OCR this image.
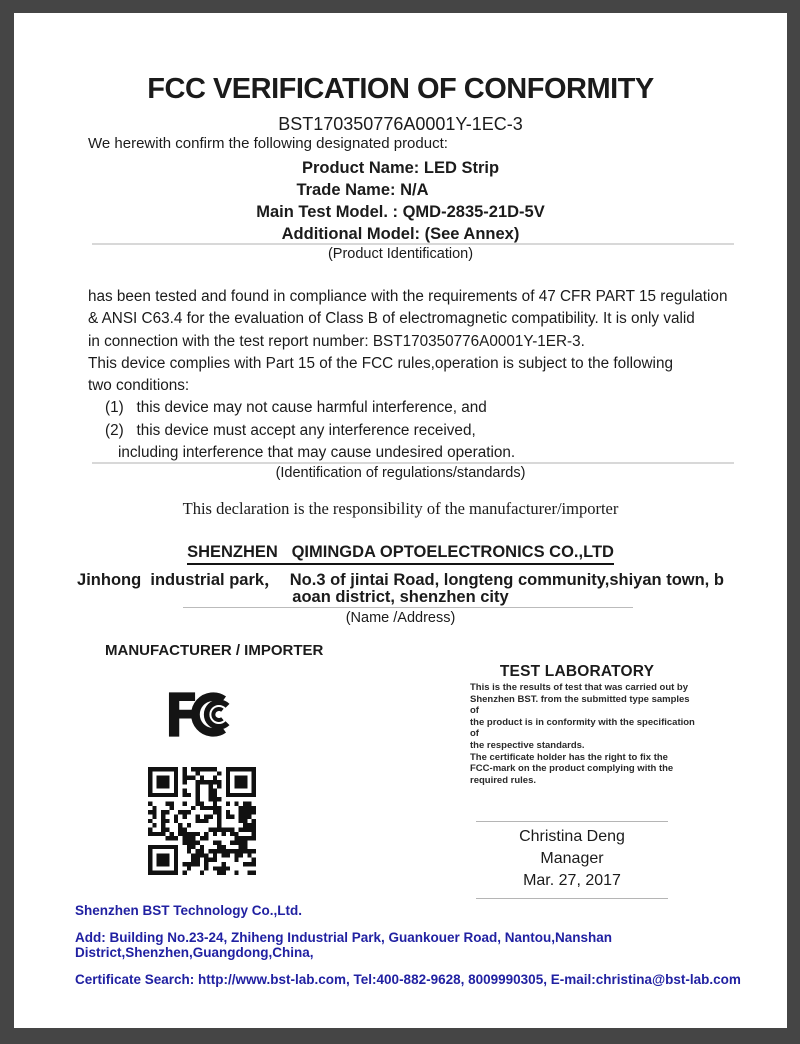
FCC VERIFICATION OF CONFORMITY
BST170350776A0001Y-1EC-3
We herewith confirm the following designated product:
Product Name: LED Strip
Trade Name: N/A
Main Test Model. : QMD-2835-21D-5V
Additional Model: (See Annex)
(Product Identification)
has been tested and found in compliance with the requirements of 47 CFR PART 15 regulation
& ANSI C63.4 for the evaluation of Class B of electromagnetic compatibility. It is only valid
in connection with the test report number: BST170350776A0001Y-1ER-3.
This device complies with Part 15 of the FCC rules,operation is subject to the following
two conditions:
(1)   this device may not cause harmful interference, and
(2)   this device must accept any interference received,
including interference that may cause undesired operation.
(Identification of regulations/standards)
This declaration is the responsibility of the manufacturer/importer
SHENZHEN   QIMINGDA OPTOELECTRONICS CO.,LTD
Jinhong  industrial park，  No.3 of jintai Road, longteng community,shiyan town, b
aoan district, shenzhen city
(Name /Address)
MANUFACTURER / IMPORTER
TEST LABORATORY
This is the results of test that was carried out by
Shenzhen BST. from the submitted type samples of
the product is in conformity with the specification of
the respective standards.
The certificate holder has the right to fix the
FCC-mark on the product complying with the
required rules.
Christina Deng
Manager
Mar. 27, 2017
Shenzhen BST Technology Co.,Ltd.
Add: Building No.23-24, Zhiheng Industrial Park, Guankouer Road, Nantou,Nanshan District,Shenzhen,Guangdong,China,
Certificate Search: http://www.bst-lab.com, Tel:400-882-9628, 8009990305, E-mail:christina@bst-lab.com
